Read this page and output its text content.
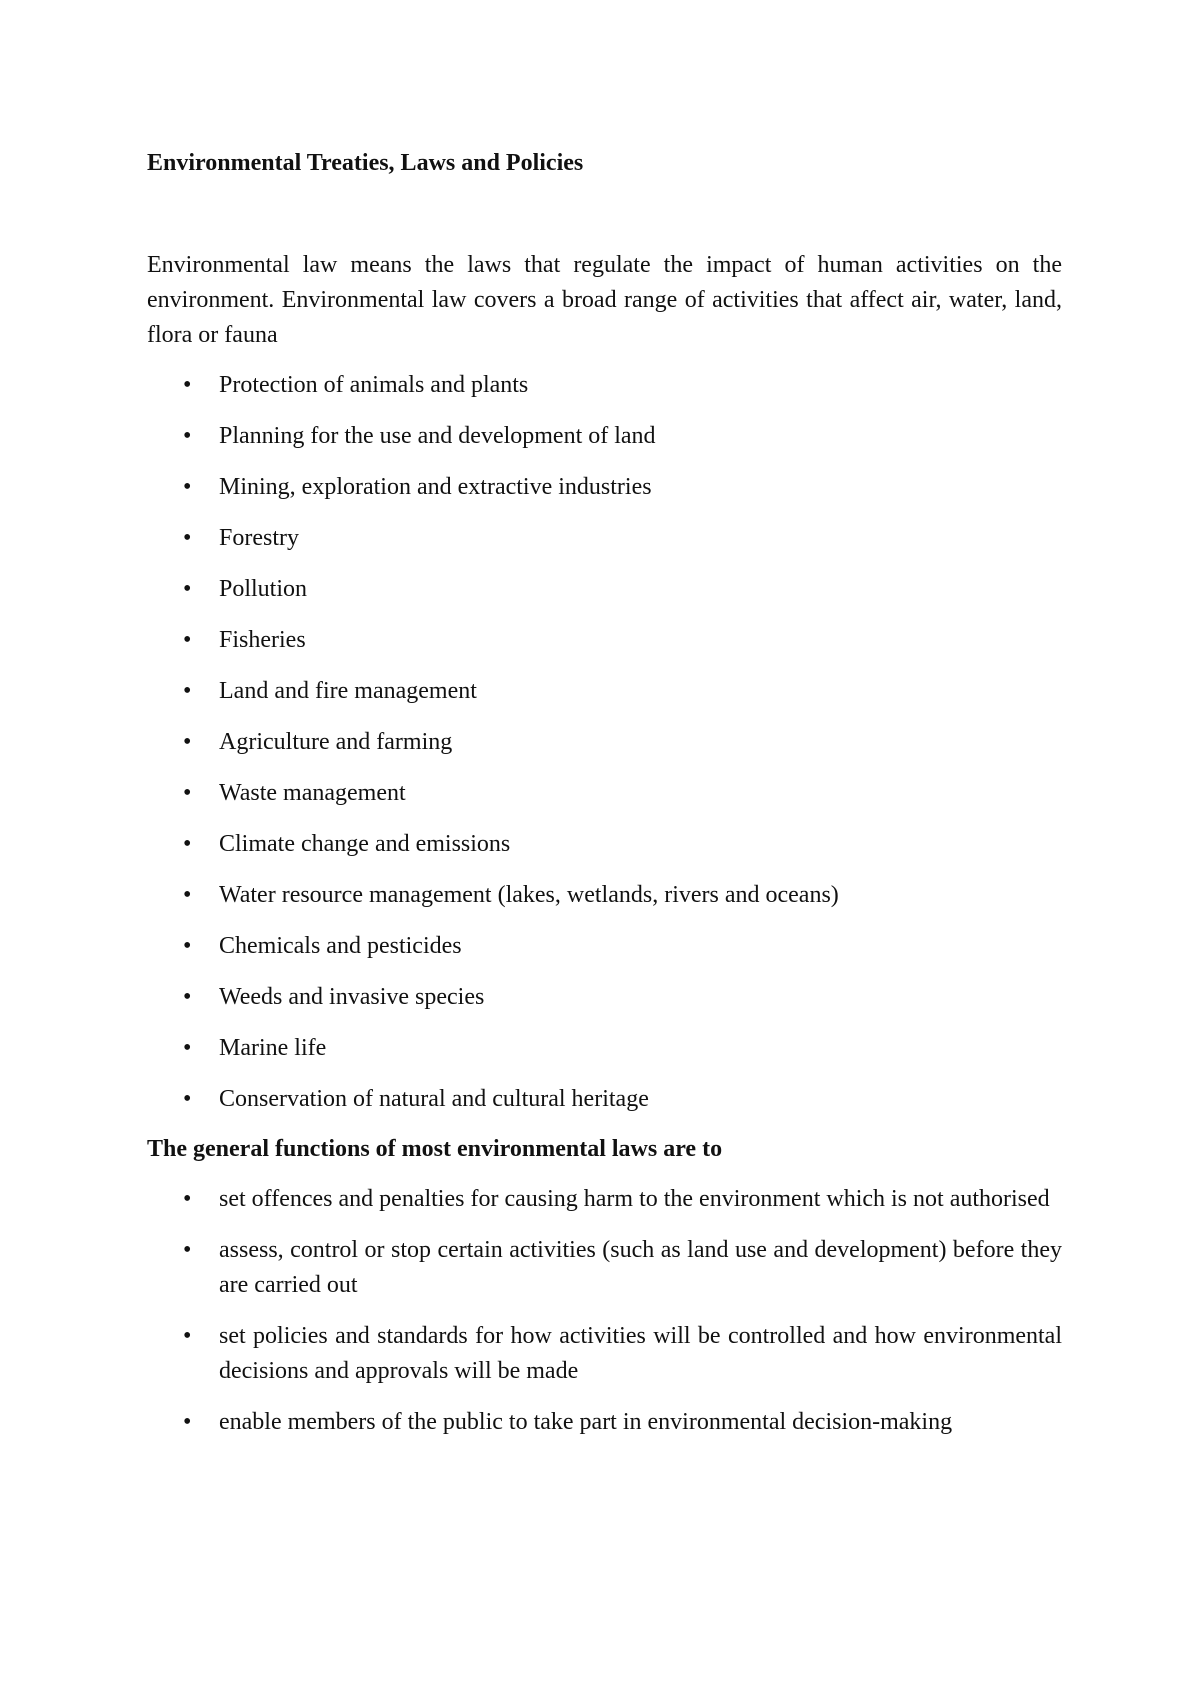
Environmental Treaties, Laws and Policies

Environmental law means the laws that regulate the impact of human activities on the environment. Environmental law covers a broad range of activities that affect air, water, land, flora or fauna

•	Protection of animals and plants
•	Planning for the use and development of land
•	Mining, exploration and extractive industries
•	Forestry
•	Pollution
•	Fisheries
•	Land and fire management
•	Agriculture and farming
•	Waste management
•	Climate change and emissions
•	Water resource management (lakes, wetlands, rivers and oceans)
•	Chemicals and pesticides
•	Weeds and invasive species
•	Marine life
•	Conservation of natural and cultural heritage
The general functions of most environmental laws are to
•	set offences and penalties for causing harm to the environment which is not authorised
•	assess, control or stop certain activities (such as land use and development) before they are carried out
•	set policies and standards for how activities will be controlled and how environmental decisions and approvals will be made
•	enable members of the public to take part in environmental decision-making
